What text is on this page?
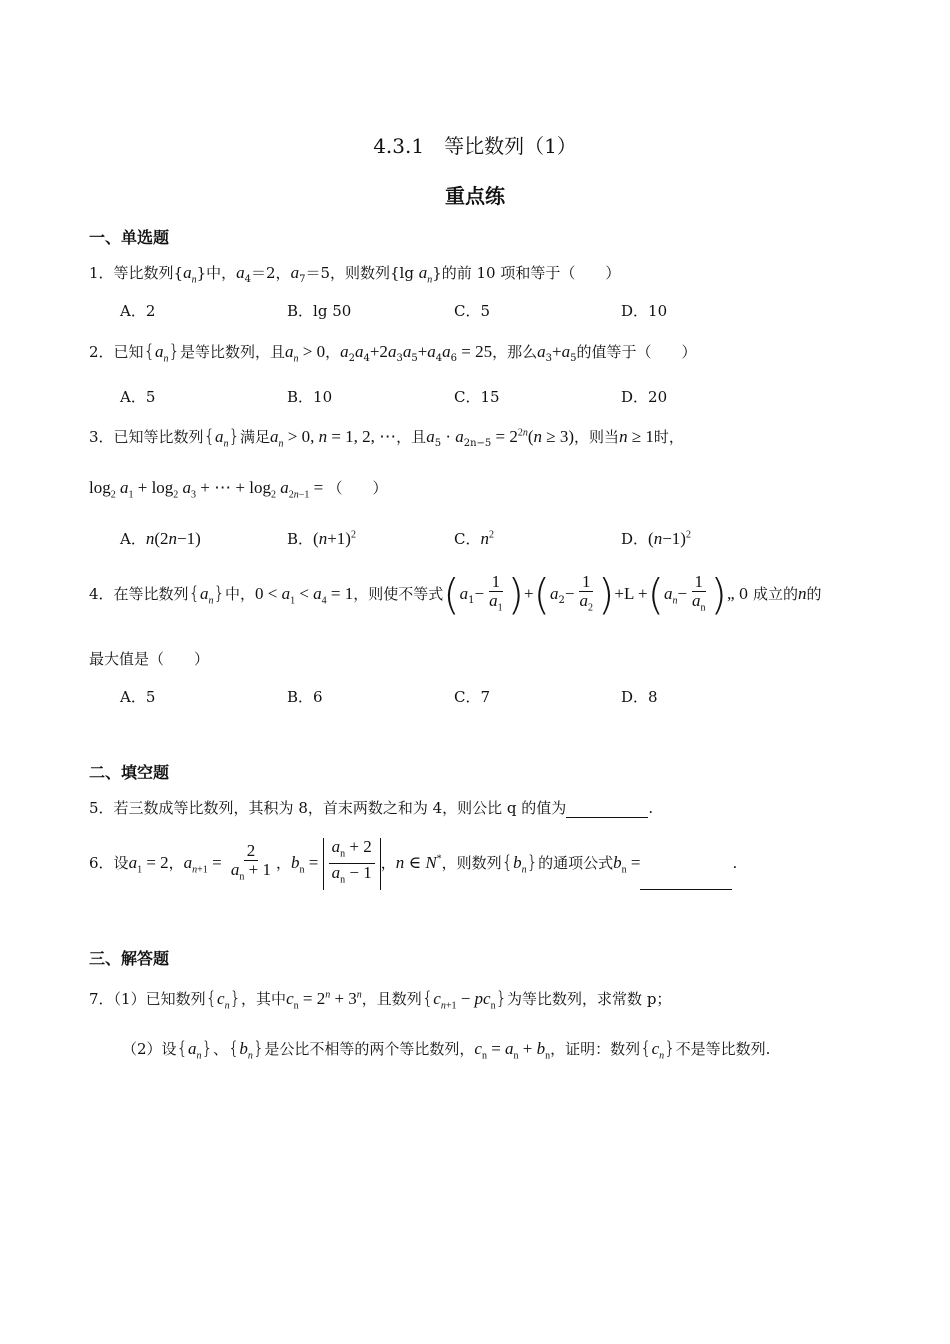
4.3.1　等比数列（1）
重点练
一、单选题
1．等比数列$\{a_n\}$中，$a_4=2$，$a_7=5$，则数列{lg $a_n$}的前 10 项和等于（　　）
A．2	B．lg 50	C．5	D．10
2．已知$\{a_n\}$是等比数列，且$a_n > 0$，$a_2a_4+2a_3a_5+a_4a_6 = 25$，那么$a_3+a_5$的值等于（　　）
A．5	B．10	C．15	D．20
3．已知等比数列$\{a_n\}$满足$a_n > 0$, n = 1, 2, ⋯，且$a_5 \cdot a_{2n-5} = 2^{2n}(n \ge 3)$，则当n ≥ 1时，
$\log_2 a_1 + \log_2 a_3$ + ⋯ + $\log_2 a_{2n-1}$ = （　　）
A．n(2n−1)	B．$(n+1)^2$	C．$n^2$	D．$(n-1)^2$
4．在等比数列$\{a_n\}$中，$0 < a_1 < a_4 = 1$，则使不等式$(a_1- \frac{1}{a_1} )+(a_2- \frac{1}{a_2} )+L +(a_n- \frac{1}{a_n}$ )„ 0 成立的n的
最大值是（　　）
A．5	B．6	C．7	D．8
二、填空题
5．若三数成等比数列，其积为 8，首末两数之和为 4，则公比 q 的值为	.
6．设$a_1 = 2$，$a_{n+1} = \frac{2}{a_n + 1}$ ，$b_n = \frac{a_n + 2}{a_n - 1}$ ，n ∈ N*，则数列$\{b_n\}$的通项公式$b_n$ =	.
三、解答题
7．（1）已知数列$\{c_n\}$，其中$c_n = 2^n + 3^n$，且数列$\{c_{n+1} - pc_n\}$为等比数列，求常数 p；
（2）设$\{a_n\}$、$\{b_n\}$是公比不相等的两个等比数列，$c_n = a_n + b_n$，证明：数列$\{c_n\}$不是等比数列.
